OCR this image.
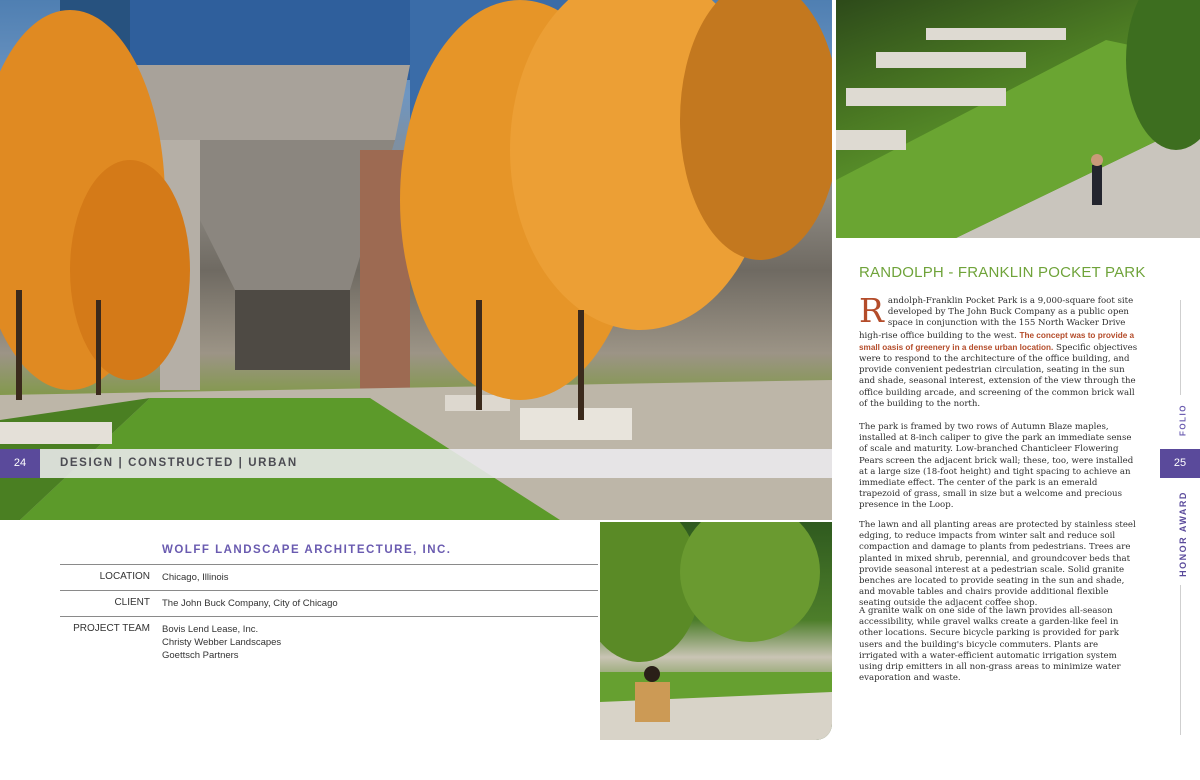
24	DESIGN | CONSTRUCTED | URBAN
WOLFF LANDSCAPE ARCHITECTURE, INC.
LOCATION Chicago, Illinois
CLIENT The John Buck Company, City of Chicago
PROJECT TEAM Bovis Lend Lease, Inc.
Christy Webber Landscapes
Goettsch Partners
RANDOLPH - FRANKLIN POCKET PARK
Randolph-Franklin Pocket Park is a 9,000-square foot site developed by The John Buck Company as a public open space in conjunction with the 155 North Wacker Drive high-rise office building to the west. The concept was to provide a small oasis of greenery in a dense urban location. Specific objectives were to respond to the architecture of the office building, and provide convenient pedestrian circulation, seating in the sun and shade, seasonal interest, extension of the view through the office building arcade, and screening of the common brick wall of the building to the north.
The park is framed by two rows of Autumn Blaze maples, installed at 8-inch caliper to give the park an immediate sense of scale and maturity. Low-branched Chanticleer Flowering Pears screen the adjacent brick wall; these, too, were installed at a large size (18-foot height) and tight spacing to achieve an immediate effect. The center of the park is an emerald trapezoid of grass, small in size but a welcome and precious presence in the Loop.
The lawn and all planting areas are protected by stainless steel edging, to reduce impacts from winter salt and reduce soil compaction and damage to plants from pedestrians. Trees are planted in mixed shrub, perennial, and groundcover beds that provide seasonal interest at a pedestrian scale. Solid granite benches are located to provide seating in the sun and shade, and movable tables and chairs provide additional flexible seating outside the adjacent coffee shop.
A granite walk on one side of the lawn provides all-season accessibility, while gravel walks create a garden-like feel in other locations. Secure bicycle parking is provided for park users and the building's bicycle commuters. Plants are irrigated with a water-efficient automatic irrigation system using drip emitters in all non-grass areas to minimize water evaporation and waste.
FOLIO
25
HONOR AWARD
